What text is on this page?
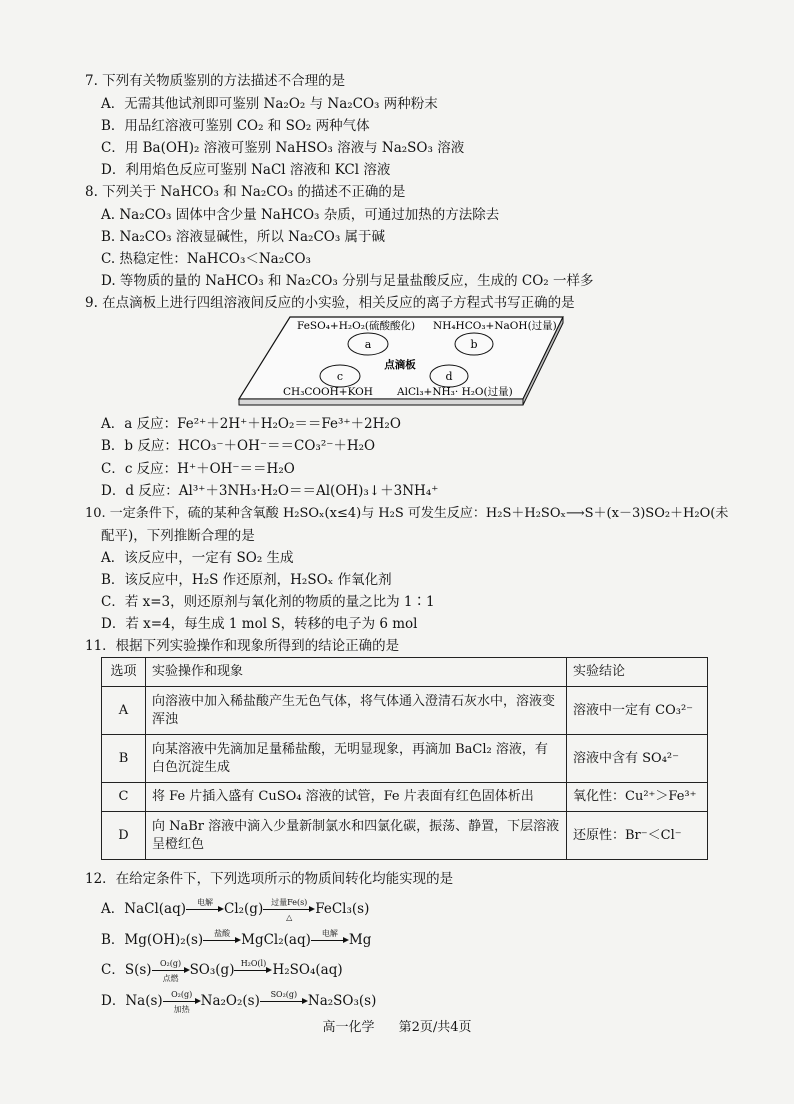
7. 下列有关物质鉴别的方法描述不合理的是
A．无需其他试剂即可鉴别 Na₂O₂ 与 Na₂CO₃ 两种粉末
B．用品红溶液可鉴别 CO₂ 和 SO₂ 两种气体
C．用 Ba(OH)₂ 溶液可鉴别 NaHSO₃ 溶液与 Na₂SO₃ 溶液
D．利用焰色反应可鉴别 NaCl 溶液和 KCl 溶液
8. 下列关于 NaHCO₃ 和 Na₂CO₃ 的描述不正确的是
A. Na₂CO₃ 固体中含少量 NaHCO₃ 杂质，可通过加热的方法除去
B. Na₂CO₃ 溶液显碱性，所以 Na₂CO₃ 属于碱
C. 热稳定性：NaHCO₃＜Na₂CO₃
D. 等物质的量的 NaHCO₃ 和 Na₂CO₃ 分别与足量盐酸反应，生成的 CO₂ 一样多
9. 在点滴板上进行四组溶液间反应的小实验，相关反应的离子方程式书写正确的是
a	b
c	d
FeSO₄+H₂O₂(硫酸酸化) NH₄HCO₃+NaOH(过量)
CH₃COOH+KOH AlCl₃+NH₃· H₂O(过量)
点滴板
A．a 反应：Fe²⁺＋2H⁺＋H₂O₂＝＝Fe³⁺＋2H₂O
B．b 反应：HCO₃⁻＋OH⁻＝＝CO₃²⁻＋H₂O
C．c 反应：H⁺＋OH⁻＝＝H₂O
D．d 反应：Al³⁺＋3NH₃·H₂O＝＝Al(OH)₃↓＋3NH₄⁺
10. 一定条件下，硫的某种含氧酸 H₂SOₓ(x≤4)与 H₂S 可发生反应：H₂S＋H₂SOₓ⟶S＋(x－3)SO₂＋H₂O(未
配平)，下列推断合理的是
A．该反应中，一定有 SO₂ 生成
B．该反应中，H₂S 作还原剂，H₂SOₓ 作氧化剂
C．若 x=3，则还原剂与氧化剂的物质的量之比为 1∶1
D．若 x=4，每生成 1 mol S，转移的电子为 6 mol
11．根据下列实验操作和现象所得到的结论正确的是
选项	实验操作和现象	实验结论
A	向溶液中加入稀盐酸产生无色气体，将气体通入澄清石灰水中，溶液变浑浊	溶液中一定有 CO₃²⁻
B	向某溶液中先滴加足量稀盐酸，无明显现象，再滴加 BaCl₂ 溶液，有白色沉淀生成	溶液中含有 SO₄²⁻
C	将 Fe 片插入盛有 CuSO₄ 溶液的试管，Fe 片表面有红色固体析出	氧化性：Cu²⁺＞Fe³⁺
D	向 NaBr 溶液中滴入少量新制氯水和四氯化碳，振荡、静置，下层溶液呈橙红色	还原性：Br⁻＜Cl⁻
12．在给定条件下，下列选项所示的物质间转化均能实现的是
A．NaCl(aq)	电解 Cl₂(g) 过量Fe(s)
△	FeCl₃(s)
B．Mg(OH)₂(s)	盐酸 MgCl₂(aq)	电解 Mg
C．S(s)	O₂(g)
点燃 SO₃(g) H₂O(l) H₂SO₄(aq)
D．Na(s)	O₂(g)
加热 Na₂O₂(s)	SO₂(g) Na₂SO₃(s)
高一化学 第2页/共4页
